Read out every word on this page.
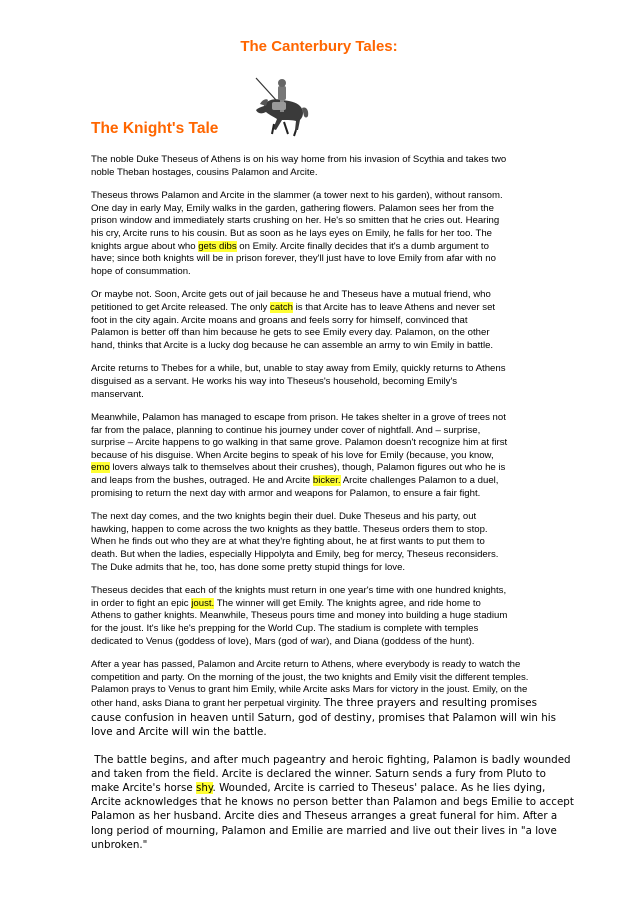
The Canterbury Tales:
The Knight's Tale

The noble Duke Theseus of Athens is on his way home from his invasion of Scythia and takes two
noble Theban hostages, cousins Palamon and Arcite.

Theseus throws Palamon and Arcite in the slammer (a tower next to his garden), without ransom.
One day in early May, Emily walks in the garden, gathering flowers. Palamon sees her from the
prison window and immediately starts crushing on her. He's so smitten that he cries out. Hearing
his cry, Arcite runs to his cousin. But as soon as he lays eyes on Emily, he falls for her too. The
knights argue about who gets dibs on Emily. Arcite finally decides that it's a dumb argument to
have; since both knights will be in prison forever, they'll just have to love Emily from afar with no
hope of consummation.

Or maybe not. Soon, Arcite gets out of jail because he and Theseus have a mutual friend, who
petitioned to get Arcite released. The only catch is that Arcite has to leave Athens and never set
foot in the city again. Arcite moans and groans and feels sorry for himself, convinced that
Palamon is better off than him because he gets to see Emily every day. Palamon, on the other
hand, thinks that Arcite is a lucky dog because he can assemble an army to win Emily in battle.

Arcite returns to Thebes for a while, but, unable to stay away from Emily, quickly returns to Athens
disguised as a servant. He works his way into Theseus's household, becoming Emily's
manservant.

Meanwhile, Palamon has managed to escape from prison. He takes shelter in a grove of trees not
far from the palace, planning to continue his journey under cover of nightfall. And – surprise,
surprise – Arcite happens to go walking in that same grove. Palamon doesn't recognize him at first
because of his disguise. When Arcite begins to speak of his love for Emily (because, you know,
emo lovers always talk to themselves about their crushes), though, Palamon figures out who he is
and leaps from the bushes, outraged. He and Arcite bicker. Arcite challenges Palamon to a duel,
promising to return the next day with armor and weapons for Palamon, to ensure a fair fight.

The next day comes, and the two knights begin their duel. Duke Theseus and his party, out
hawking, happen to come across the two knights as they battle. Theseus orders them to stop.
When he finds out who they are at what they're fighting about, he at first wants to put them to
death. But when the ladies, especially Hippolyta and Emily, beg for mercy, Theseus reconsiders.
The Duke admits that he, too, has done some pretty stupid things for love.

Theseus decides that each of the knights must return in one year's time with one hundred knights,
in order to fight an epic joust. The winner will get Emily. The knights agree, and ride home to
Athens to gather knights. Meanwhile, Theseus pours time and money into building a huge stadium
for the joust. It's like he's prepping for the World Cup. The stadium is complete with temples
dedicated to Venus (goddess of love), Mars (god of war), and Diana (goddess of the hunt).

After a year has passed, Palamon and Arcite return to Athens, where everybody is ready to watch the
competition and party. On the morning of the joust, the two knights and Emily visit the different temples.
Palamon prays to Venus to grant him Emily, while Arcite asks Mars for victory in the joust. Emily, on the
other hand, asks Diana to grant her perpetual virginity. The three prayers and resulting promises
cause confusion in heaven until Saturn, god of destiny, promises that Palamon will win his
love and Arcite will win the battle.

The battle begins, and after much pageantry and heroic fighting, Palamon is badly wounded
and taken from the field. Arcite is declared the winner. Saturn sends a fury from Pluto to
make Arcite's horse shy. Wounded, Arcite is carried to Theseus' palace. As he lies dying,
Arcite acknowledges that he knows no person better than Palamon and begs Emilie to accept
Palamon as her husband. Arcite dies and Theseus arranges a great funeral for him. After a
long period of mourning, Palamon and Emilie are married and live out their lives in "a love
unbroken."
